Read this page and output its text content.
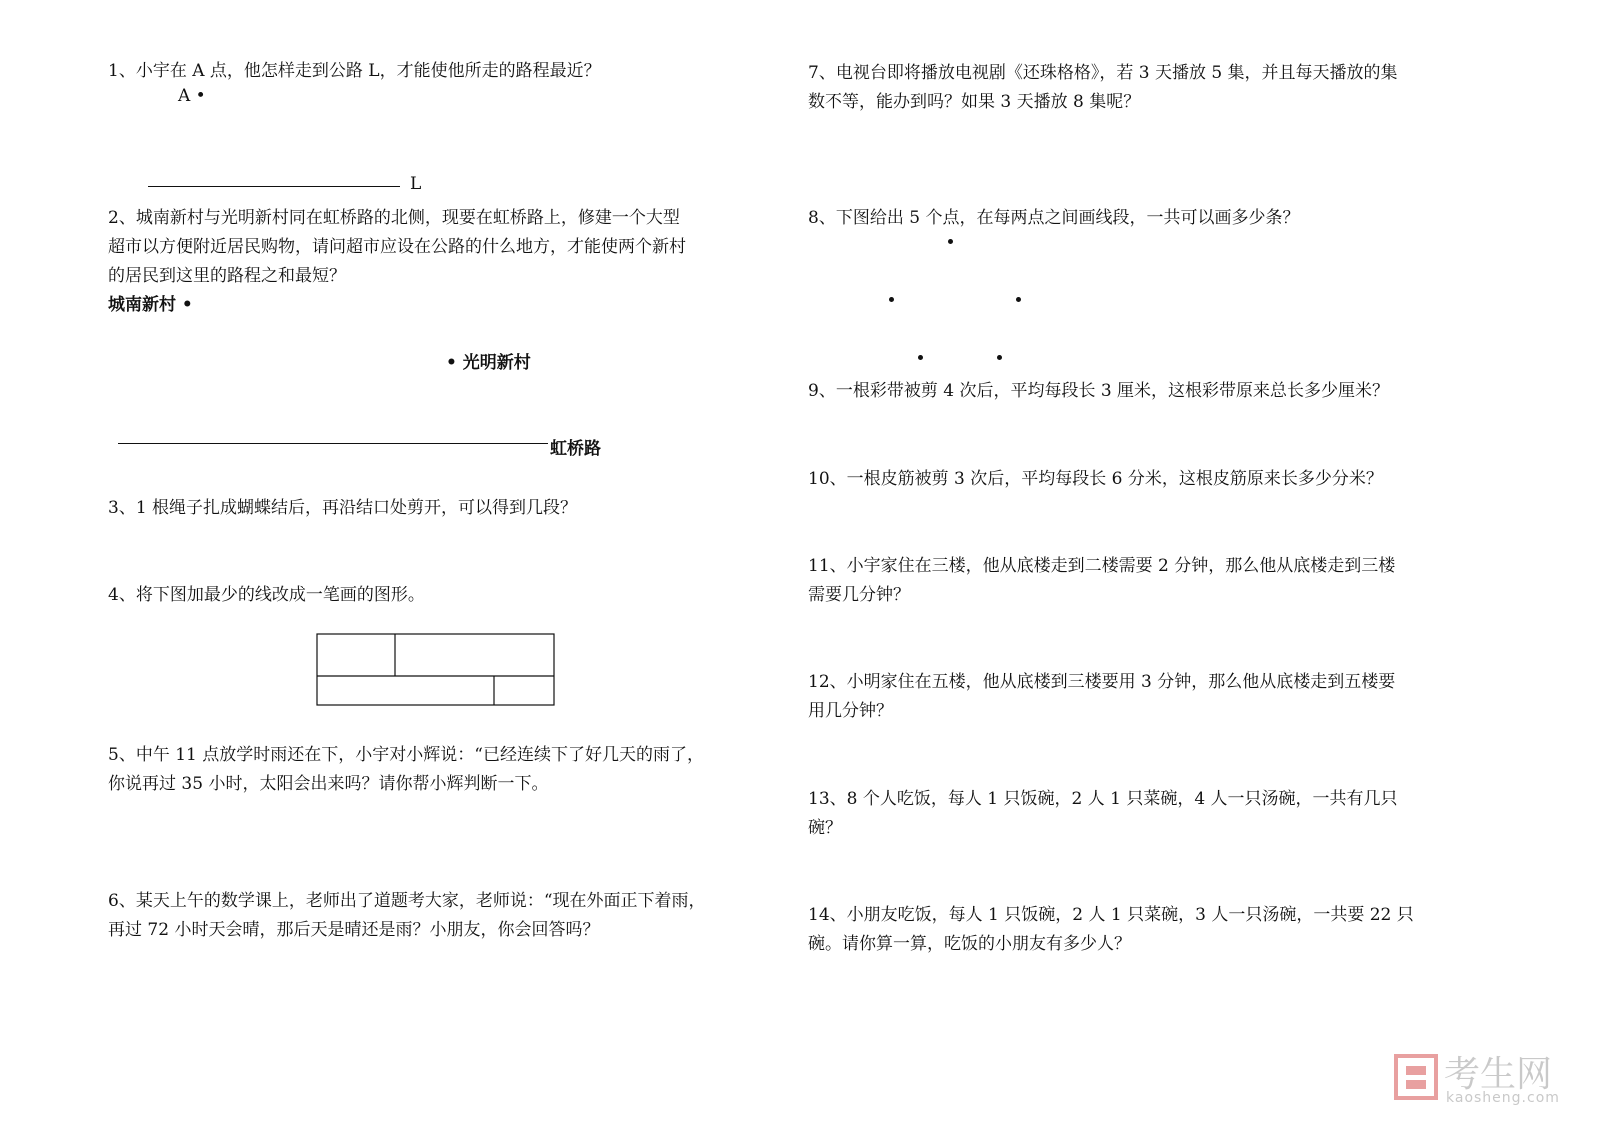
1、小宇在 A 点，他怎样走到公路 L，才能使他所走的路程最近？
A •
L
2、城南新村与光明新村同在虹桥路的北侧，现要在虹桥路上，修建一个大型
超市以方便附近居民购物，请问超市应设在公路的什么地方，才能使两个新村
的居民到这里的路程之和最短？
城南新村 •
• 光明新村
虹桥路
3、1 根绳子扎成蝴蝶结后，再沿结口处剪开，可以得到几段？
4、将下图加最少的线改成一笔画的图形。
5、中午 11 点放学时雨还在下，小宇对小辉说：“已经连续下了好几天的雨了，
你说再过 35 小时，太阳会出来吗？请你帮小辉判断一下。
6、某天上午的数学课上，老师出了道题考大家，老师说：“现在外面正下着雨，
再过 72 小时天会晴，那后天是晴还是雨？小朋友，你会回答吗？
7、电视台即将播放电视剧《还珠格格》，若 3 天播放 5 集，并且每天播放的集
数不等，能办到吗？如果 3 天播放 8 集呢？
8、下图给出 5 个点，在每两点之间画线段，一共可以画多少条？
9、一根彩带被剪 4 次后，平均每段长 3 厘米，这根彩带原来总长多少厘米？
10、一根皮筋被剪 3 次后，平均每段长 6 分米，这根皮筋原来长多少分米？
11、小宇家住在三楼，他从底楼走到二楼需要 2 分钟，那么他从底楼走到三楼
需要几分钟？
12、小明家住在五楼，他从底楼到三楼要用 3 分钟，那么他从底楼走到五楼要
用几分钟？
13、8 个人吃饭，每人 1 只饭碗，2 人 1 只菜碗，4 人一只汤碗，一共有几只
碗？
14、小朋友吃饭，每人 1 只饭碗，2 人 1 只菜碗，3 人一只汤碗，一共要 22 只
碗。请你算一算，吃饭的小朋友有多少人？
考生网
kaosheng.com
